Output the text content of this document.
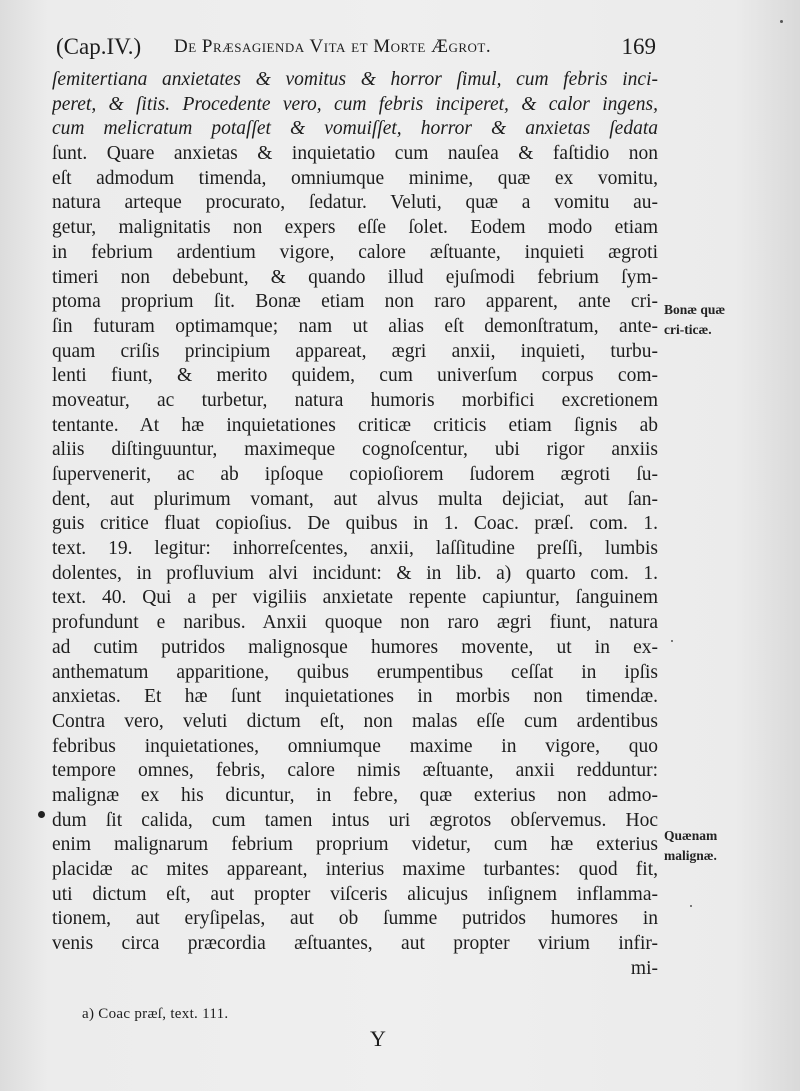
(Cap.IV.) De Præsagienda Vita et Morte Ægrot.	169
ſemitertiana anxietates & vomitus & horror ſimul, cum febris inci-
peret, & ſitis. Procedente vero, cum febris inciperet, & calor ingens,
cum melicratum potaſſet & vomuiſſet, horror & anxietas ſedata
ſunt. Quare anxietas & inquietatio cum nauſea & faſtidio non
eſt admodum timenda, omniumque minime, quæ ex vomitu,
natura arteque procurato, ſedatur. Veluti, quæ a vomitu au-
getur, malignitatis non expers eſſe ſolet. Eodem modo etiam
in febrium ardentium vigore, calore æſtuante, inquieti ægroti
timeri non debebunt, & quando illud ejuſmodi febrium ſym-
ptoma proprium ſit. Bonæ etiam non raro apparent, ante cri-
ſin futuram optimamque; nam ut alias eſt demonſtratum, ante-
quam criſis principium appareat, ægri anxii, inquieti, turbu-
lenti fiunt, & merito quidem, cum univerſum corpus com-
moveatur, ac turbetur, natura humoris morbifici excretionem
tentante. At hæ inquietationes criticæ criticis etiam ſignis ab
aliis diſtinguuntur, maximeque cognoſcentur, ubi rigor anxiis
ſupervenerit, ac ab ipſoque copioſiorem ſudorem ægroti ſu-
dent, aut plurimum vomant, aut alvus multa dejiciat, aut ſan-
guis critice fluat copioſius. De quibus in 1. Coac. præſ. com. 1.
text. 19. legitur: inhorreſcentes, anxii, laſſitudine preſſi, lumbis
dolentes, in profluvium alvi incidunt: & in lib. a) quarto com. 1.
text. 40. Qui a per vigiliis anxietate repente capiuntur, ſanguinem
profundunt e naribus. Anxii quoque non raro ægri fiunt, natura
ad cutim putridos malignosque humores movente, ut in ex-
anthematum apparitione, quibus erumpentibus ceſſat in ipſis
anxietas. Et hæ ſunt inquietationes in morbis non timendæ.
Contra vero, veluti dictum eſt, non malas eſſe cum ardentibus
febribus inquietationes, omniumque maxime in vigore, quo
tempore omnes, febris, calore nimis æſtuante, anxii redduntur:
malignæ ex his dicuntur, in febre, quæ exterius non admo-
dum ſit calida, cum tamen intus uri ægrotos obſervemus. Hoc
enim malignarum febrium proprium videtur, cum hæ exterius
placidæ ac mites appareant, interius maxime turbantes: quod fit,
uti dictum eſt, aut propter viſceris alicujus inſignem inflamma-
tionem, aut eryſipelas, aut ob ſumme putridos humores in
venis circa præcordia æſtuantes, aut propter virium infir-
mi-
Bonæ quæ cri-ticæ.
Quænam malignæ.
a) Coac præſ, text. 111.
Y
